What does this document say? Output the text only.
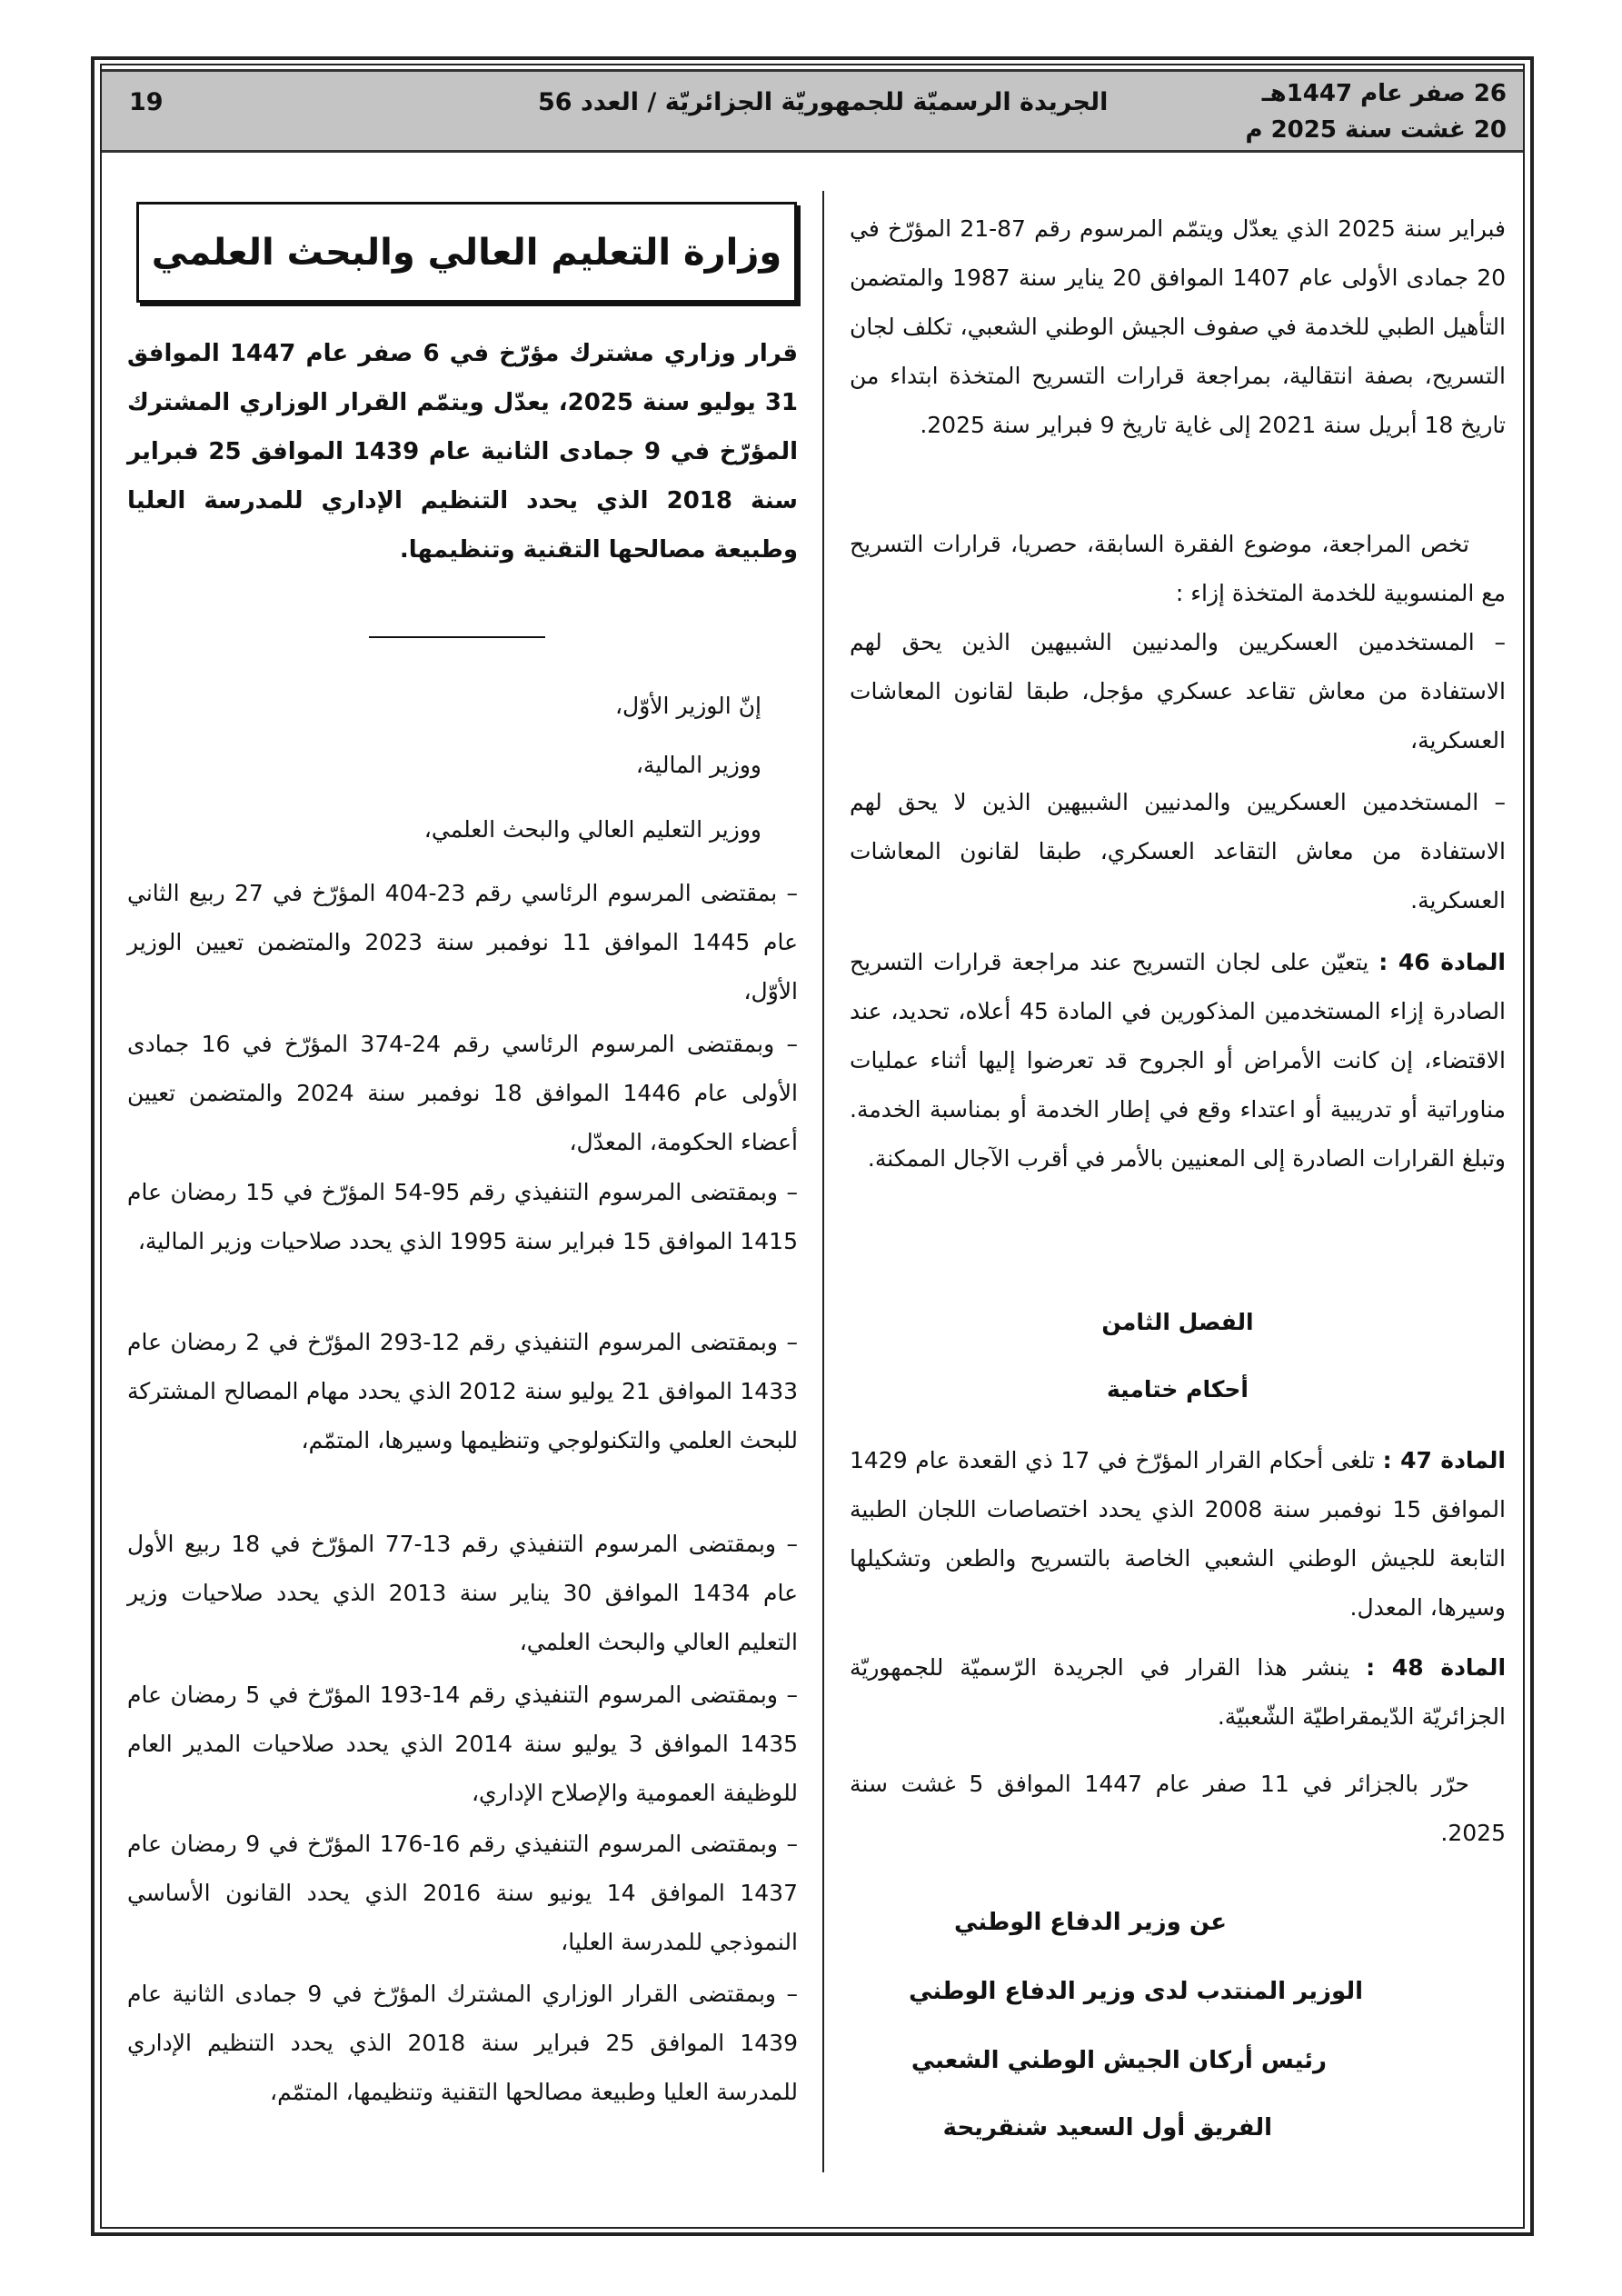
26 صفر عام 1447هـ
20 غشت سنة 2025 م
الجريدة الرسميّة للجمهوريّة الجزائريّة / العدد 56
19

فبراير سنة 2025 الذي يعدّل ويتمّم المرسوم رقم 87-21 المؤرّخ في 20 جمادى الأولى عام 1407 الموافق 20 يناير سنة 1987 والمتضمن التأهيل الطبي للخدمة في صفوف الجيش الوطني الشعبي، تكلف لجان التسريح، بصفة انتقالية، بمراجعة قرارات التسريح المتخذة ابتداء من تاريخ 18 أبريل سنة 2021 إلى غاية تاريخ 9 فبراير سنة 2025.

تخص المراجعة، موضوع الفقرة السابقة، حصريا، قرارات التسريح مع المنسوبية للخدمة المتخذة إزاء :

– المستخدمين العسكريين والمدنيين الشبيهين الذين يحق لهم الاستفادة من معاش تقاعد عسكري مؤجل، طبقا لقانون المعاشات العسكرية،

– المستخدمين العسكريين والمدنيين الشبيهين الذين لا يحق لهم الاستفادة من معاش التقاعد العسكري، طبقا لقانون المعاشات العسكرية.

المادة 46 : يتعيّن على لجان التسريح عند مراجعة قرارات التسريح الصادرة إزاء المستخدمين المذكورين في المادة 45 أعلاه، تحديد، عند الاقتضاء، إن كانت الأمراض أو الجروح قد تعرضوا إليها أثناء عمليات مناوراتية أو تدريبية أو اعتداء وقع في إطار الخدمة أو بمناسبة الخدمة. وتبلغ القرارات الصادرة إلى المعنيين بالأمر في أقرب الآجال الممكنة.

الفصل الثامن

أحكام ختامية

المادة 47 : تلغى أحكام القرار المؤرّخ في 17 ذي القعدة عام 1429 الموافق 15 نوفمبر سنة 2008 الذي يحدد اختصاصات اللجان الطبية التابعة للجيش الوطني الشعبي الخاصة بالتسريح والطعن وتشكيلها وسيرها، المعدل.

المادة 48 : ينشر هذا القرار في الجريدة الرّسميّة للجمهوريّة الجزائريّة الدّيمقراطيّة الشّعبيّة.

حرّر بالجزائر في 11 صفر عام 1447 الموافق 5 غشت سنة 2025.

عن وزير الدفاع الوطني
الوزير المنتدب لدى وزير الدفاع الوطني
رئيس أركان الجيش الوطني الشعبي
الفريق أول السعيد شنقريحة
وزارة التعليم العالي والبحث العلمي

قرار وزاري مشترك مؤرّخ في 6 صفر عام 1447 الموافق 31 يوليو سنة 2025، يعدّل ويتمّم القرار الوزاري المشترك المؤرّخ في 9 جمادى الثانية عام 1439 الموافق 25 فبراير سنة 2018 الذي يحدد التنظيم الإداري للمدرسة العليا وطبيعة مصالحها التقنية وتنظيمها.

إنّ الوزير الأوّل،

ووزير المالية،

ووزير التعليم العالي والبحث العلمي،

– بمقتضى المرسوم الرئاسي رقم 23-404 المؤرّخ في 27 ربيع الثاني عام 1445 الموافق 11 نوفمبر سنة 2023 والمتضمن تعيين الوزير الأوّل،

– وبمقتضى المرسوم الرئاسي رقم 24-374 المؤرّخ في 16 جمادى الأولى عام 1446 الموافق 18 نوفمبر سنة 2024 والمتضمن تعيين أعضاء الحكومة، المعدّل،

– وبمقتضى المرسوم التنفيذي رقم 95-54 المؤرّخ في 15 رمضان عام 1415 الموافق 15 فبراير سنة 1995 الذي يحدد صلاحيات وزير المالية،

– وبمقتضى المرسوم التنفيذي رقم 12-293 المؤرّخ في 2 رمضان عام 1433 الموافق 21 يوليو سنة 2012 الذي يحدد مهام المصالح المشتركة للبحث العلمي والتكنولوجي وتنظيمها وسيرها، المتمّم،

– وبمقتضى المرسوم التنفيذي رقم 13-77 المؤرّخ في 18 ربيع الأول عام 1434 الموافق 30 يناير سنة 2013 الذي يحدد صلاحيات وزير التعليم العالي والبحث العلمي،

– وبمقتضى المرسوم التنفيذي رقم 14-193 المؤرّخ في 5 رمضان عام 1435 الموافق 3 يوليو سنة 2014 الذي يحدد صلاحيات المدير العام للوظيفة العمومية والإصلاح الإداري،

– وبمقتضى المرسوم التنفيذي رقم 16-176 المؤرّخ في 9 رمضان عام 1437 الموافق 14 يونيو سنة 2016 الذي يحدد القانون الأساسي النموذجي للمدرسة العليا،

– وبمقتضى القرار الوزاري المشترك المؤرّخ في 9 جمادى الثانية عام 1439 الموافق 25 فبراير سنة 2018 الذي يحدد التنظيم الإداري للمدرسة العليا وطبيعة مصالحها التقنية وتنظيمها، المتمّم،
